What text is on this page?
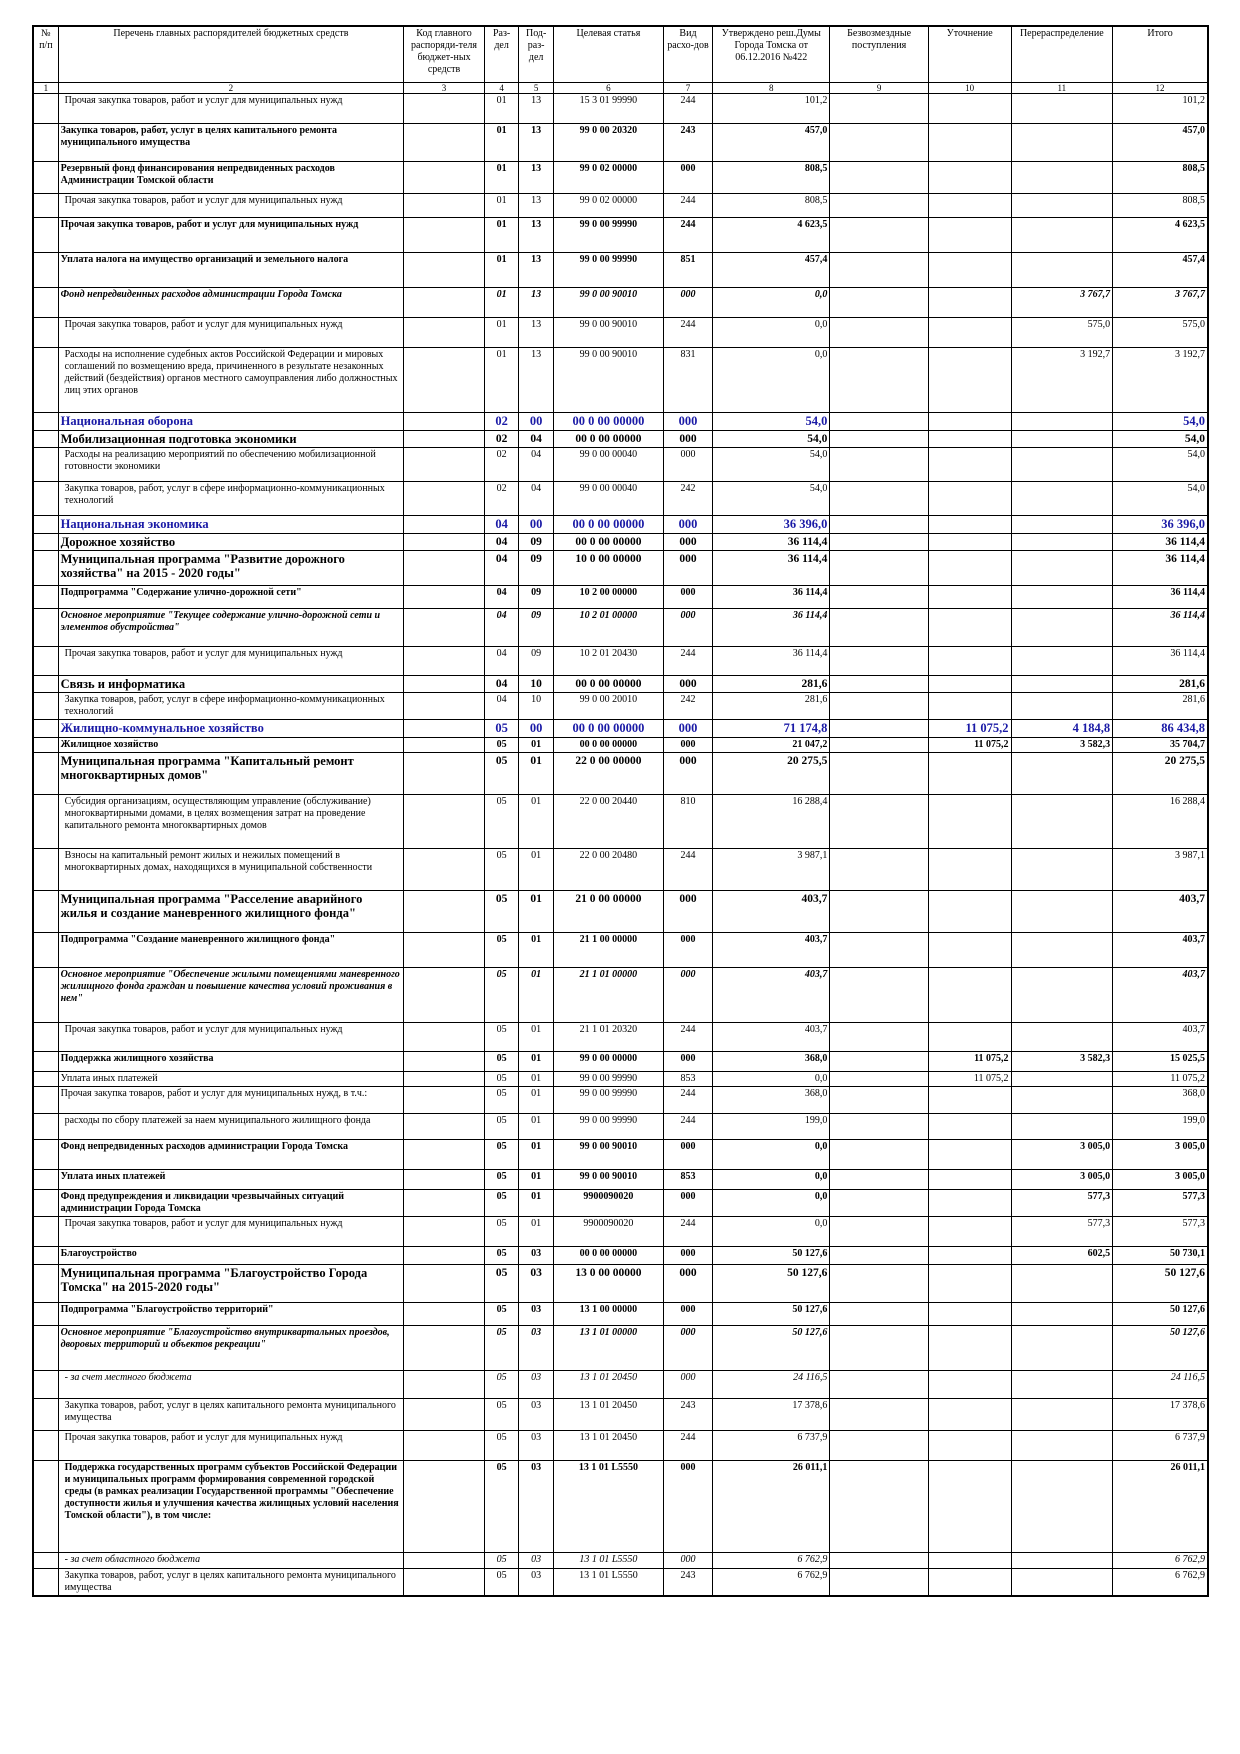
№ п/п	Перечень главных распорядителей бюджетных средств	Код главного распоряди-теля бюджет-ных средств	Раз-дел	Под-раз-дел	Целевая статья	Вид расхо-дов	Утверждено реш.Думы Города Томска от 06.12.2016 №422	Безвозмездные поступления	Уточнение	Перераспределение	Итого
1	2	3	4	5	6	7	8	9	10	11	12
	Прочая закупка товаров, работ и услуг для муниципальных нужд		01	13	15 3 01 99990	244	101,2				101,2
	Закупка товаров, работ, услуг в целях капитального ремонта муниципального имущества		01	13	99 0 00 20320	243	457,0				457,0
	Резервный фонд финансирования непредвиденных расходов Администрации Томской области		01	13	99 0 02 00000	000	808,5				808,5
	Прочая закупка товаров, работ и услуг для муниципальных нужд		01	13	99 0 02 00000	244	808,5				808,5
	Прочая закупка товаров, работ и услуг для муниципальных нужд		01	13	99 0 00 99990	244	4 623,5				4 623,5
	Уплата налога на имущество организаций и земельного налога		01	13	99 0 00 99990	851	457,4				457,4
	Фонд непредвиденных расходов администрации Города Томска		01	13	99 0 00 90010	000	0,0			3 767,7	3 767,7
	Прочая закупка товаров, работ и услуг для муниципальных нужд		01	13	99 0 00 90010	244	0,0			575,0	575,0
	Расходы на исполнение судебных актов Российской Федерации и мировых соглашений по возмещению вреда, причиненного в результате незаконных действий (бездействия) органов местного самоуправления либо должностных лиц этих органов		01	13	99 0 00 90010	831	0,0			3 192,7	3 192,7
	Национальная оборона		02	00	00 0 00 00000	000	54,0				54,0
	Мобилизационная подготовка экономики		02	04	00 0 00 00000	000	54,0				54,0
	Расходы на реализацию мероприятий по обеспечению мобилизационной готовности экономики		02	04	99 0 00 00040	000	54,0				54,0
	Закупка товаров, работ, услуг в сфере информационно-коммуникационных технологий		02	04	99 0 00 00040	242	54,0				54,0
	Национальная экономика		04	00	00 0 00 00000	000	36 396,0				36 396,0
	Дорожное хозяйство		04	09	00 0 00 00000	000	36 114,4				36 114,4
	Муниципальная программа "Развитие дорожного хозяйства" на 2015 - 2020 годы"		04	09	10 0 00 00000	000	36 114,4				36 114,4
	Подпрограмма "Содержание улично-дорожной сети"		04	09	10 2 00 00000	000	36 114,4				36 114,4
	Основное мероприятие "Текущее содержание улично-дорожной сети и элементов обустройства"		04	09	10 2 01 00000	000	36 114,4				36 114,4
	Прочая закупка товаров, работ и услуг для муниципальных нужд		04	09	10 2 01 20430	244	36 114,4				36 114,4
	Связь и информатика		04	10	00 0 00 00000	000	281,6				281,6
	Закупка товаров, работ, услуг в сфере информационно-коммуникационных технологий		04	10	99 0 00 20010	242	281,6				281,6
	Жилищно-коммунальное хозяйство		05	00	00 0 00 00000	000	71 174,8		11 075,2	4 184,8	86 434,8
	Жилищное хозяйство		05	01	00 0 00 00000	000	21 047,2		11 075,2	3 582,3	35 704,7
	Муниципальная программа "Капитальный ремонт многоквартирных домов"		05	01	22 0 00 00000	000	20 275,5				20 275,5
	Субсидия организациям, осуществляющим управление (обслуживание) многоквартирными домами, в целях возмещения затрат на проведение капитального ремонта многоквартирных домов		05	01	22 0 00 20440	810	16 288,4				16 288,4
	Взносы на капитальный ремонт жилых и нежилых помещений в многоквартирных домах, находящихся в муниципальной собственности		05	01	22 0 00 20480	244	3 987,1				3 987,1
	Муниципальная программа "Расселение аварийного жилья и создание маневренного жилищного фонда"		05	01	21 0 00 00000	000	403,7				403,7
	Подпрограмма "Создание маневренного жилищного фонда"		05	01	21 1 00 00000	000	403,7				403,7
	Основное мероприятие "Обеспечение жилыми помещениями маневренного жилищного фонда граждан и повышение качества условий проживания в нем"		05	01	21 1 01 00000	000	403,7				403,7
	Прочая закупка товаров, работ и услуг для муниципальных нужд		05	01	21 1 01 20320	244	403,7				403,7
	Поддержка жилищного хозяйства		05	01	99 0 00 00000	000	368,0		11 075,2	3 582,3	15 025,5
	Уплата иных платежей		05	01	99 0 00 99990	853	0,0		11 075,2		11 075,2
	Прочая закупка товаров, работ и услуг для муниципальных нужд, в т.ч.:		05	01	99 0 00 99990	244	368,0				368,0
	расходы по сбору платежей за наем муниципального жилищного фонда		05	01	99 0 00 99990	244	199,0				199,0
	Фонд непредвиденных расходов администрации Города Томска		05	01	99 0 00 90010	000	0,0			3 005,0	3 005,0
	Уплата иных платежей		05	01	99 0 00 90010	853	0,0			3 005,0	3 005,0
	Фонд предупреждения и ликвидации чрезвычайных ситуаций администрации Города Томска		05	01	9900090020	000	0,0			577,3	577,3
	Прочая закупка товаров, работ и услуг для муниципальных нужд		05	01	9900090020	244	0,0			577,3	577,3
	Благоустройство		05	03	00 0 00 00000	000	50 127,6			602,5	50 730,1
	Муниципальная программа "Благоустройство Города Томска" на 2015-2020 годы"		05	03	13 0 00 00000	000	50 127,6				50 127,6
	Подпрограмма "Благоустройство территорий"		05	03	13 1 00 00000	000	50 127,6				50 127,6
	Основное мероприятие "Благоустройство внутриквартальных проездов, дворовых территорий и объектов рекреации"		05	03	13 1 01 00000	000	50 127,6				50 127,6
	- за счет местного бюджета		05	03	13 1 01 20450	000	24 116,5				24 116,5
	Закупка товаров, работ, услуг в целях капитального ремонта муниципального имущества		05	03	13 1 01 20450	243	17 378,6				17 378,6
	Прочая закупка товаров, работ и услуг для муниципальных нужд		05	03	13 1 01 20450	244	6 737,9				6 737,9
	Поддержка государственных программ субъектов Российской Федерации и муниципальных программ формирования современной городской среды (в рамках реализации Государственной программы "Обеспечение доступности жилья и улучшения качества жилищных условий населения Томской области"), в том числе:		05	03	13 1 01 L5550	000	26 011,1				26 011,1
	- за счет областного бюджета		05	03	13 1 01 L5550	000	6 762,9				6 762,9
	Закупка товаров, работ, услуг в целях капитального ремонта муниципального имущества		05	03	13 1 01 L5550	243	6 762,9				6 762,9
